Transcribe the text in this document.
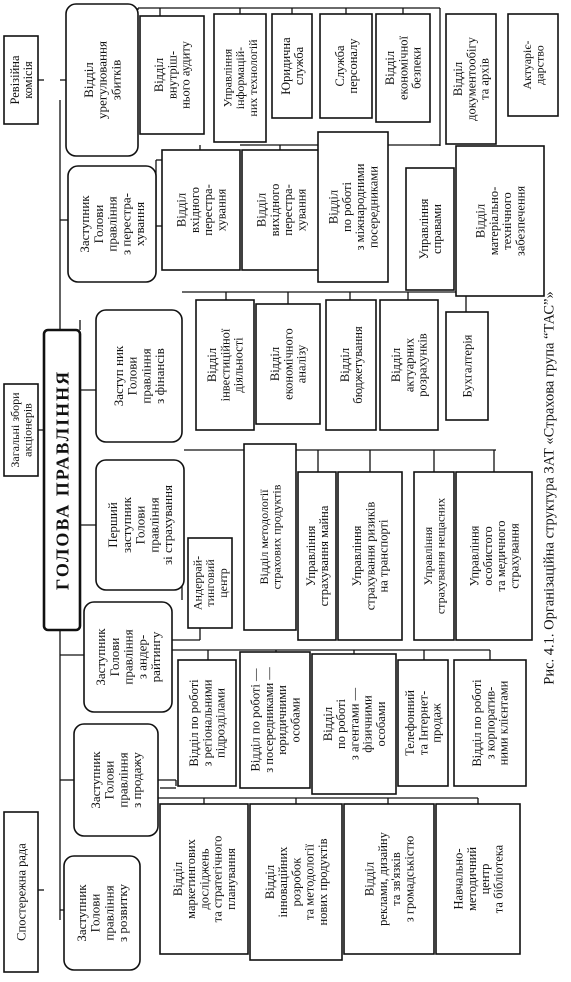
ГОЛОВА ПРАВЛІННЯ
Ревізійнакомісія
Загальні збориакціонерів
Спостережна рада
Відділурегулюваннязбитків Відділвнутріш-нього аудиту Управлінняінформацій-них технологій Юридичнаслужба Службаперсоналу Відділекономічноїбезпеки Відділдокументообігута архів Актуаріє-дарство
ЗаступникГоловиправлінняз перестра-хування Відділвхідногоперестра-хування Відділвихідногоперестра-хування Відділпо роботіз міжнароднимипосередниками	Управліннясправами Відділматеріально-технічногозабезпечення
Заступ никГоловиправлінняз фінансів	Відділінвестиційноїдіяльності Відділекономічногоаналізу Відділбюджетування Відділактуарнихрозрахунків Бухгалтерія
ПершийзаступникГоловиправліннязі страхування	Відділ методологіїстрахових продуктів Управліннястрахування майна Управліннястрахування ризиківна транспорті	Управліннястрахування нещасних Управлінняособистогота медичногострахування
Андеррай-тинговийцентр
ЗаступникГоловиправлінняз андер-райтингу
Відділ по роботіз регіональнимипідрозділами Відділ по роботі —з посередниками —юридичнимиособами Відділпо роботіз агентами —фізичнимиособами Телефоннийта Інтернет-продаж Відділ по роботіз корпоратив-ними клієнтами
ЗаступникГоловиправлінняз продажу
ЗаступникГоловиправлінняз розвитку
Відділмаркетинговихдослідженьта стратегічногопланування Відділінноваційнихрозробокта методологіїнових продуктів	Відділреклами, дизайнута зв'язківз громадськістю	Навчально-методичнийцентрта бібліотека
Рис. 4.1. Організаційна структура ЗАТ «Страхова група “ТАС”»
